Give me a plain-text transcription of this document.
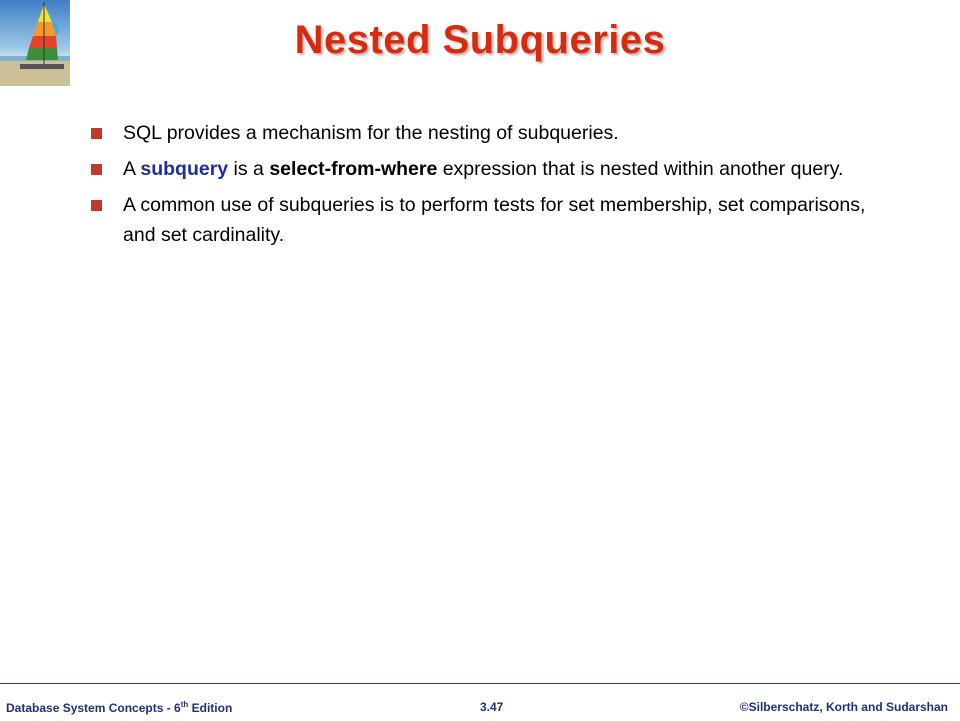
Nested Subqueries
SQL provides a mechanism for the nesting of subqueries.
A subquery is a select-from-where expression that is nested within another query.
A common use of subqueries is to perform tests for set membership, set comparisons, and set cardinality.
Database System Concepts - 6th Edition	3.47	©Silberschatz, Korth and Sudarshan
